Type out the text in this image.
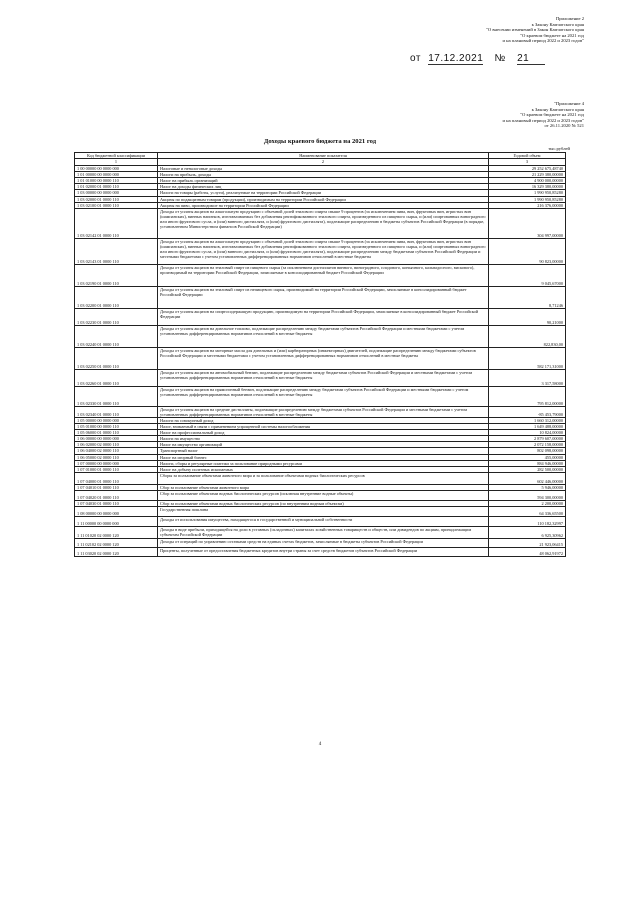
Приложение 2
к Закону Камчатского края
"О внесении изменений в Закон Камчатского края
"О краевом бюджете на 2021 год
и на плановый период 2022 и 2023 годов"
от 17.12.2021 № 21
"Приложение 4
к Закону Камчатского края
"О краевом бюджете на 2021 год
и на плановый период 2022 и 2023 годов"
от 26.11.2020 № 521
Доходы краевого бюджета на 2021 год
тыс.рублей
Код бюджетной классификации	Наименование показателя	Годовой объем
1	2	3
1 00 00000 00 0000 000	Налоговые и неналоговые доходы	29 252 675,48740
1 01 00000 00 0000 000	Налоги на прибыль, доходы	21 229 380,00000
1 01 01000 00 0000 110	Налог на прибыль организаций	4 900 000,00000
1 01 02000 01 0000 110	Налог на доходы физических лиц	16 329 380,00000
1 03 00000 00 0000 000	Налоги на товары (работы, услуги), реализуемые на территории Российской Федерации	1 990 950,85280
1 03 02000 01 0000 110	Акцизы по подакцизным товарам (продукции), производимым на территории Российской Федерации	1 990 950,85280
1 03 02100 01 0000 110	Акцизы на пиво, производимое на территории Российской Федерации	216 376,00000
1 03 02142 01 0000 110	Доходы от уплаты акцизов на алкогольную продукцию с объемной долей этилового спирта свыше 9 процентов (за исключением пива, вин, фруктовых вин, игристых вин (шампанских), винных напитков, изготавливаемых без добавления ректификованного этилового спирта, произведенного из пищевого сырья, и (или) спиртованных виноградного или иного фруктового сусла, и (или) винного дистиллята, и (или) фруктового дистиллята), подлежащие распределению в бюджеты субъектов Российской Федерации (в порядке, установленном Министерством финансов Российской Федерации)	304 997,00000
1 03 02143 01 0000 110	Доходы от уплаты акцизов на алкогольную продукцию с объемной долей этилового спирта свыше 9 процентов (за исключением пива, вин, фруктовых вин, игристых вин (шампанских), винных напитков, изготавливаемых без добавления ректификованного этилового спирта, произведенного из пищевого сырья, и (или) спиртованных виноградного или иного фруктового сусла, и (или) винного дистиллята, и (или) фруктового дистиллята), подлежащие распределению между бюджетами субъектов Российской Федерации и местными бюджетами с учетом установленных дифференцированных нормативов отчислений в местные бюджеты	90 823,00000
1 03 02190 01 0000 110	Доходы от уплаты акцизов на этиловый спирт из пищевого сырья (за исключением дистиллятов винного, виноградного, плодового, коньячного, кальвадосного, вискового), производимый на территории Российской Федерации, зачисляемые в консолидированный бюджет Российской Федерации	9 045,67000
1 03 02200 01 0000 110	Доходы от уплаты акцизов на этиловый спирт из непищевого сырья, производимый на территории Российской Федерации, зачисляемые в консолидированный бюджет Российской Федерации	8,71246
1 03 02230 01 0000 110	Доходы от уплаты акцизов на спиртосодержащую продукцию, производимую на территории Российской Федерации, зачисляемые в консолидированный бюджет Российской Федерации	90,21000
1 03 02240 01 0000 110	Доходы от уплаты акцизов на дизельное топливо, подлежащие распределению между бюджетами субъектов Российской Федерации и местными бюджетами с учетом установленных дифференцированных нормативов отчислений в местные бюджеты	822,830,00
1 03 02250 01 0000 110	Доходы от уплаты акцизов на моторные масла для дизельных и (или) карбюраторных (инжекторных) двигателей, подлежащие распределению между бюджетами субъектов Российской Федерации и местными бюджетами с учетом установленных дифференцированных нормативов отчислений в местные бюджеты	582 171,31000
1 03 02260 01 0000 110	Доходы от уплаты акцизов на автомобильный бензин, подлежащие распределению между бюджетами субъектов Российской Федерации и местными бюджетами с учетом установленных дифференцированных нормативов отчислений в местные бюджеты	3 317,58000
1 03 02330 01 0000 110	Доходы от уплаты акцизов на прямогонный бензин, подлежащие распределению между бюджетами субъектов Российской Федерации и местными бюджетами с учетом установленных дифференцированных нормативов отчислений в местные бюджеты	795 812,00000
1 03 02340 01 0000 110	Доходы от уплаты акцизов на средние дистилляты, подлежащие распределению между бюджетами субъектов Российской Федерации и местными бюджетами с учетом установленных дифференцированных нормативов отчислений в местные бюджеты	-85 453,79000
1 05 00000 00 0000 000	Налоги на совокупный доход	1 660 312,00000
1 05 01000 00 0000 110	Налог, взимаемый в связи с применением упрощенной системы налогообложения	1 649 488,00000
1 05 06000 01 0000 110	Налог на профессиональный доход	10 824,00000
1 06 00000 00 0000 000	Налоги на имущество	2 879 607,00000
1 06 02000 02 0000 110	Налог на имущество организаций	2 072 158,00000
1 06 04000 02 0000 110	Транспортный налог	802 098,00000
1 06 05000 02 0000 110	Налог на игорный бизнес	455,00000
1 07 00000 00 0000 000	Налоги, сборы и регулярные платежи за пользование природными ресурсами	884 946,00000
1 07 01000 01 0000 110	Налог на добычу полезных ископаемых	282 500,00000
1 07 04000 01 0000 110	Сборы за пользование объектами животного мира и за пользование объектами водных биологических ресурсов	602 446,00000
1 07 04010 01 0000 110	Сбор за пользование объектами животного мира	5 946,00000
1 07 04020 01 0000 110	Сбор за пользование объектами водных биологических ресурсов (исключая внутренние водные объекты)	594 300,00000
1 07 04030 01 0000 110	Сбор за пользование объектами водных биологических ресурсов (по внутренним водным объектам)	2 200,00000
1 08 00000 00 0000 000	Государственная пошлина	64 336,65500
1 11 00000 00 0000 000	Доходы от использования имущества, находящегося в государственной и муниципальной собственности	110 182,32997
1 11 01020 02 0000 120	Доходы в виде прибыли, приходящейся на доли в уставных (складочных) капиталах хозяйственных товариществ и обществ, или дивидендов по акциям, принадлежащим субъектам Российской Федерации	6 925,30962
1 11 02102 02 0000 120	Доходы от операций по управлению остатками средств на единых счетах бюджетов, зачисляемые в бюджеты субъектов Российской Федерации	21 923,06415
1 11 03020 02 0000 120	Проценты, полученные от предоставления бюджетных кредитов внутри страны за счет средств бюджетов субъектов Российской Федерации	48 062,91972
4
